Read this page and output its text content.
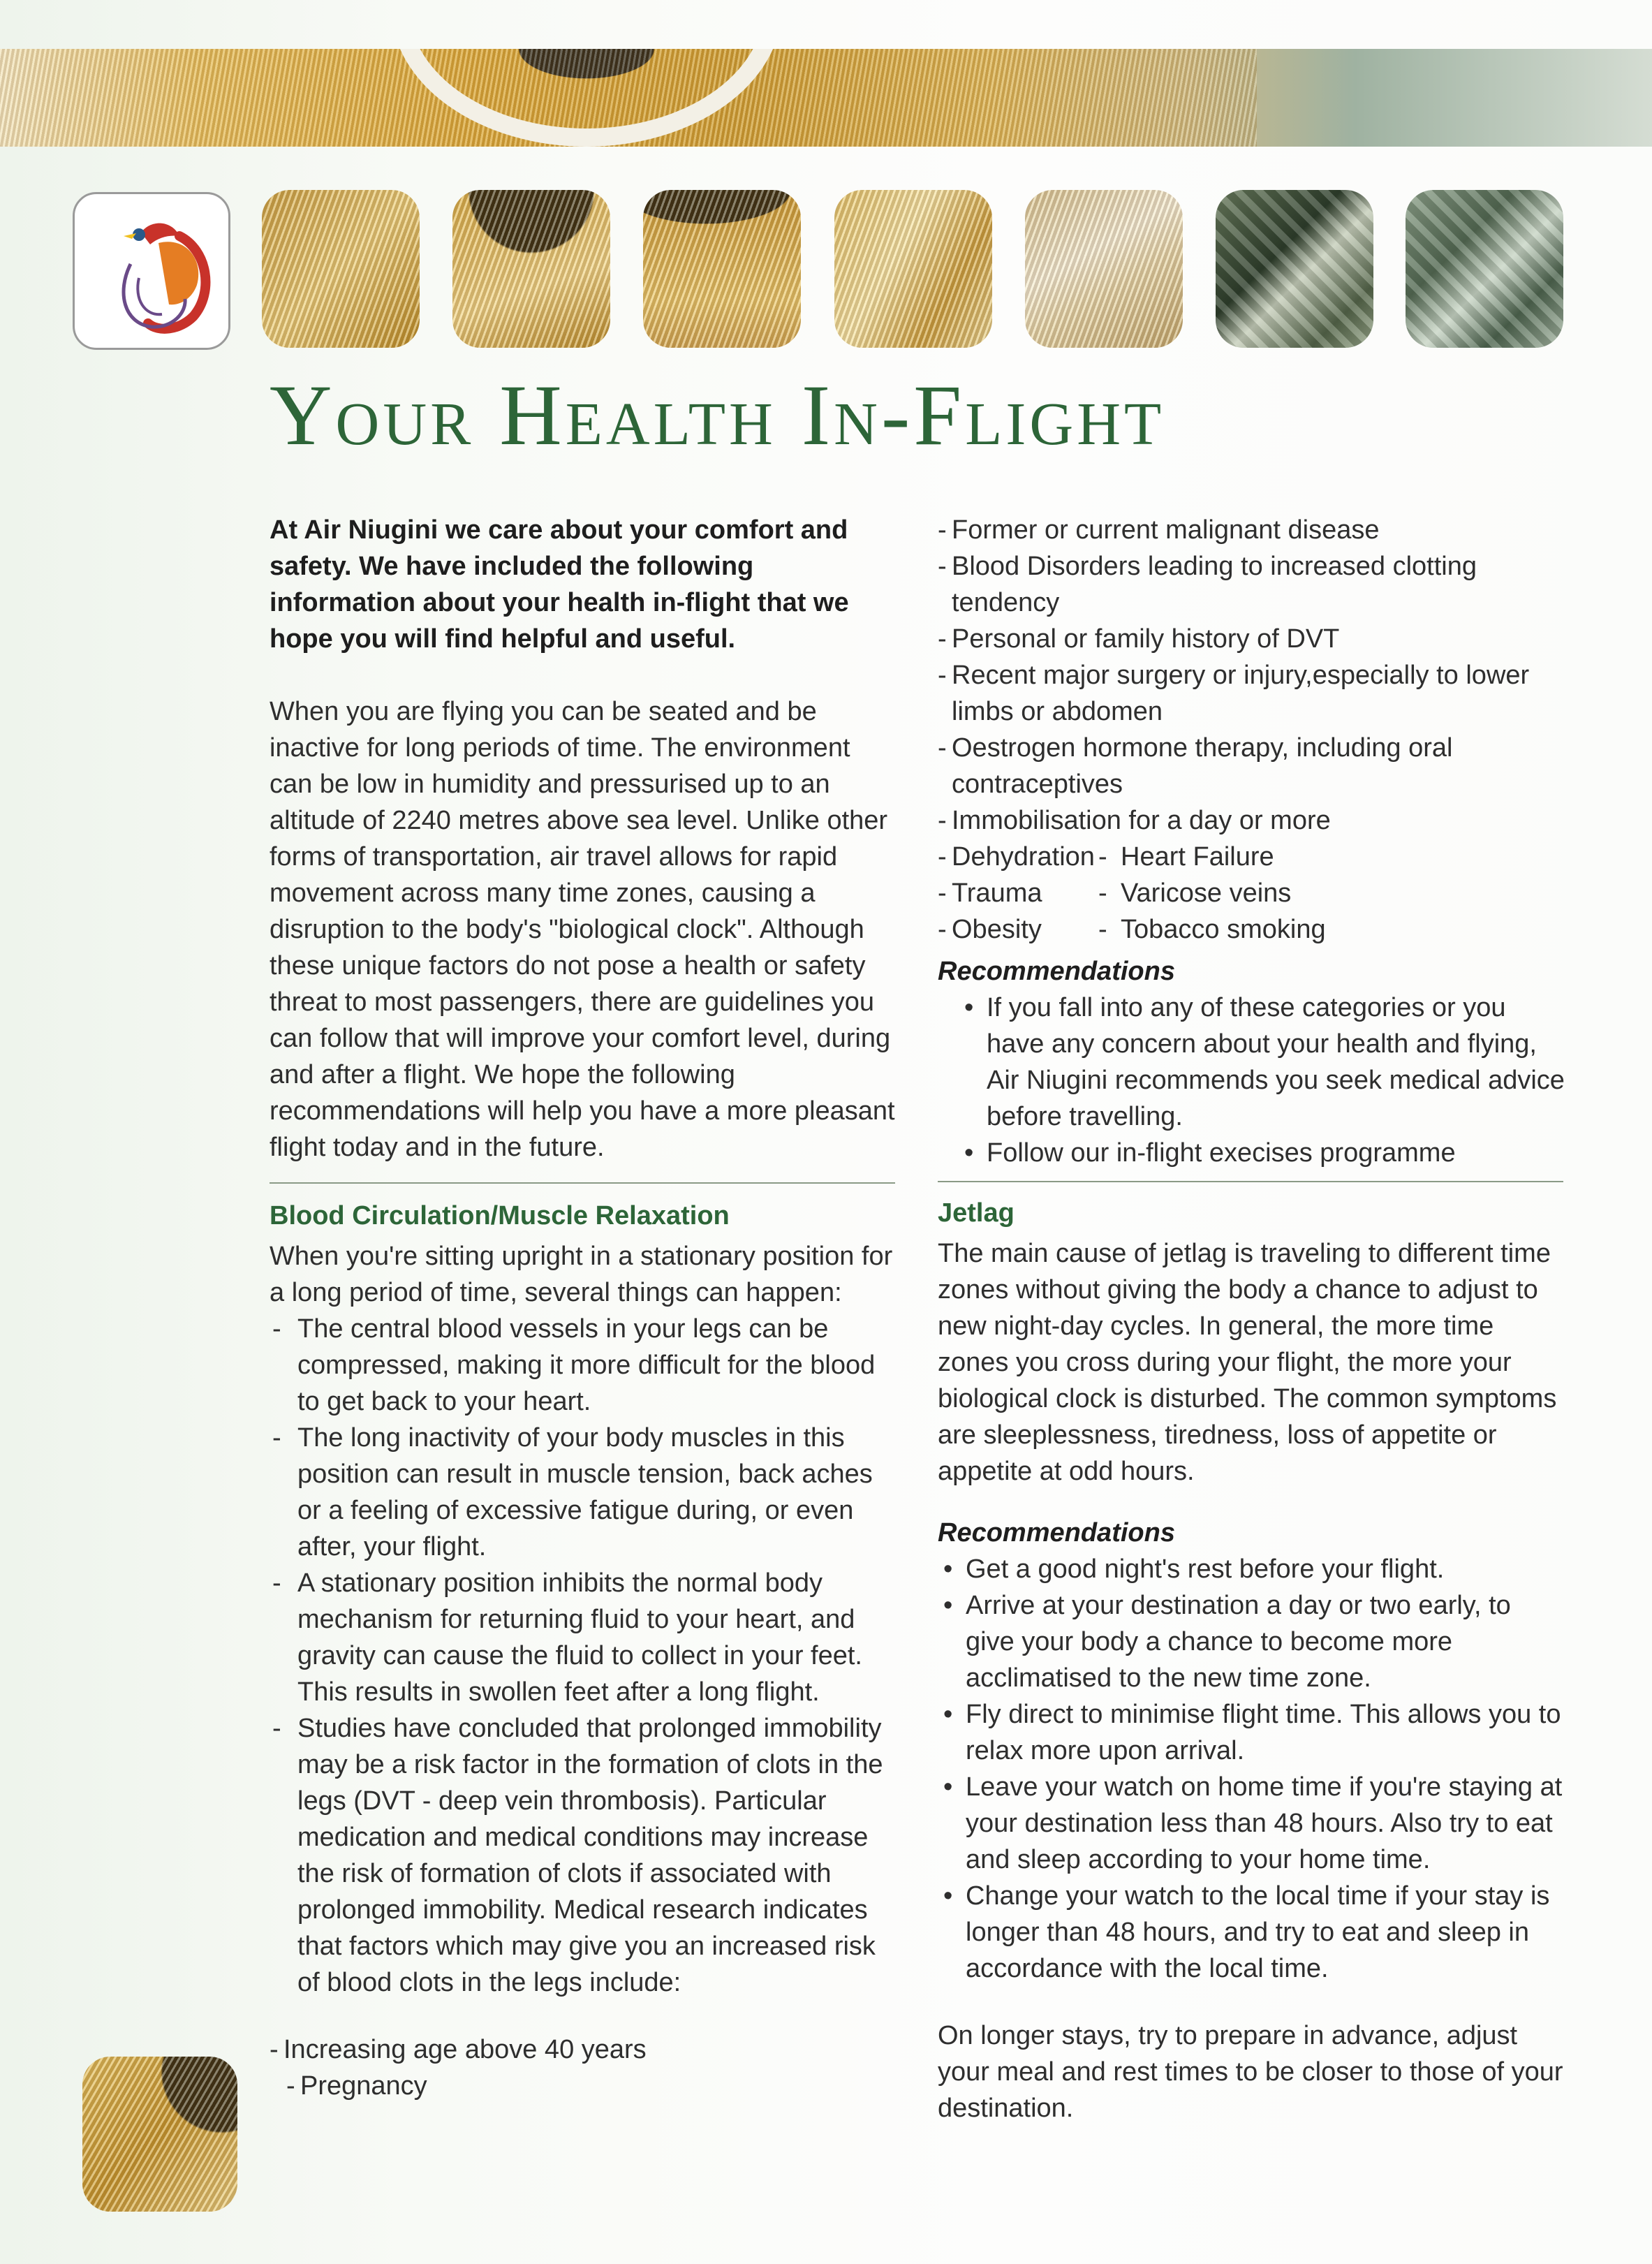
Your Health In-Flight

At Air Niugini we care about your comfort and safety. We have included the following information about your health in-flight that we hope you will find helpful and useful.

When you are flying you can be seated and be inactive for long periods of time. The environment can be low in humidity and pressurised up to an altitude of 2240 metres above sea level. Unlike other forms of transportation, air travel allows for rapid movement across many time zones, causing a disruption to the body's "biological clock". Although these unique factors do not pose a health or safety threat to most passengers, there are guidelines you can follow that will improve your comfort level, during and after a flight. We hope the following recommendations will help you have a more pleasant flight today and in the future.

Blood Circulation/Muscle Relaxation

When you're sitting upright in a stationary position for a long period of time, several things can happen:

- The central blood vessels in your legs can be compressed, making it more difficult for the blood to get back to your heart.
- The long inactivity of your body muscles in this position can result in muscle tension, back aches or a feeling of excessive fatigue during, or even after, your flight.
- A stationary position inhibits the normal body mechanism for returning fluid to your heart, and gravity can cause the fluid to collect in your feet. This results in swollen feet after a long flight.
- Studies have concluded that prolonged immobility may be a risk factor in the formation of clots in the legs (DVT - deep vein thrombosis). Particular medication and medical conditions may increase the risk of formation of clots if associated with prolonged immobility. Medical research indicates that factors which may give you an increased risk of blood clots in the legs include:
- Increasing age above 40 years
- Pregnancy
- Former or current malignant disease
- Blood Disorders leading to increased clotting tendency
- Personal or family history of DVT
- Recent major surgery or injury,especially to lower limbs or abdomen
- Oestrogen hormone therapy, including oral contraceptives
- Immobilisation for a day or more
- Dehydration - Heart Failure
- Trauma	- Varicose veins
- Obesity	- Tobacco smoking

Recommendations

• If you fall into any of these categories or you have any concern about your health and flying, Air Niugini recommends you seek medical advice before travelling.
• Follow our in-flight execises programme

Jetlag

The main cause of jetlag is traveling to different time zones without giving the body a chance to adjust to new night-day cycles. In general, the more time zones you cross during your flight, the more your biological clock is disturbed. The common symptoms are sleeplessness, tiredness, loss of appetite or appetite at odd hours.

Recommendations

• Get a good night's rest before your flight.
• Arrive at your destination a day or two early, to give your body a chance to become more acclimatised to the new time zone.
• Fly direct to minimise flight time. This allows you to relax more upon arrival.
• Leave your watch on home time if you're staying at your destination less than 48 hours. Also try to eat and sleep according to your home time.
• Change your watch to the local time if your stay is longer than 48 hours, and try to eat and sleep in accordance with the local time.

On longer stays, try to prepare in advance, adjust your meal and rest times to be closer to those of your destination.
